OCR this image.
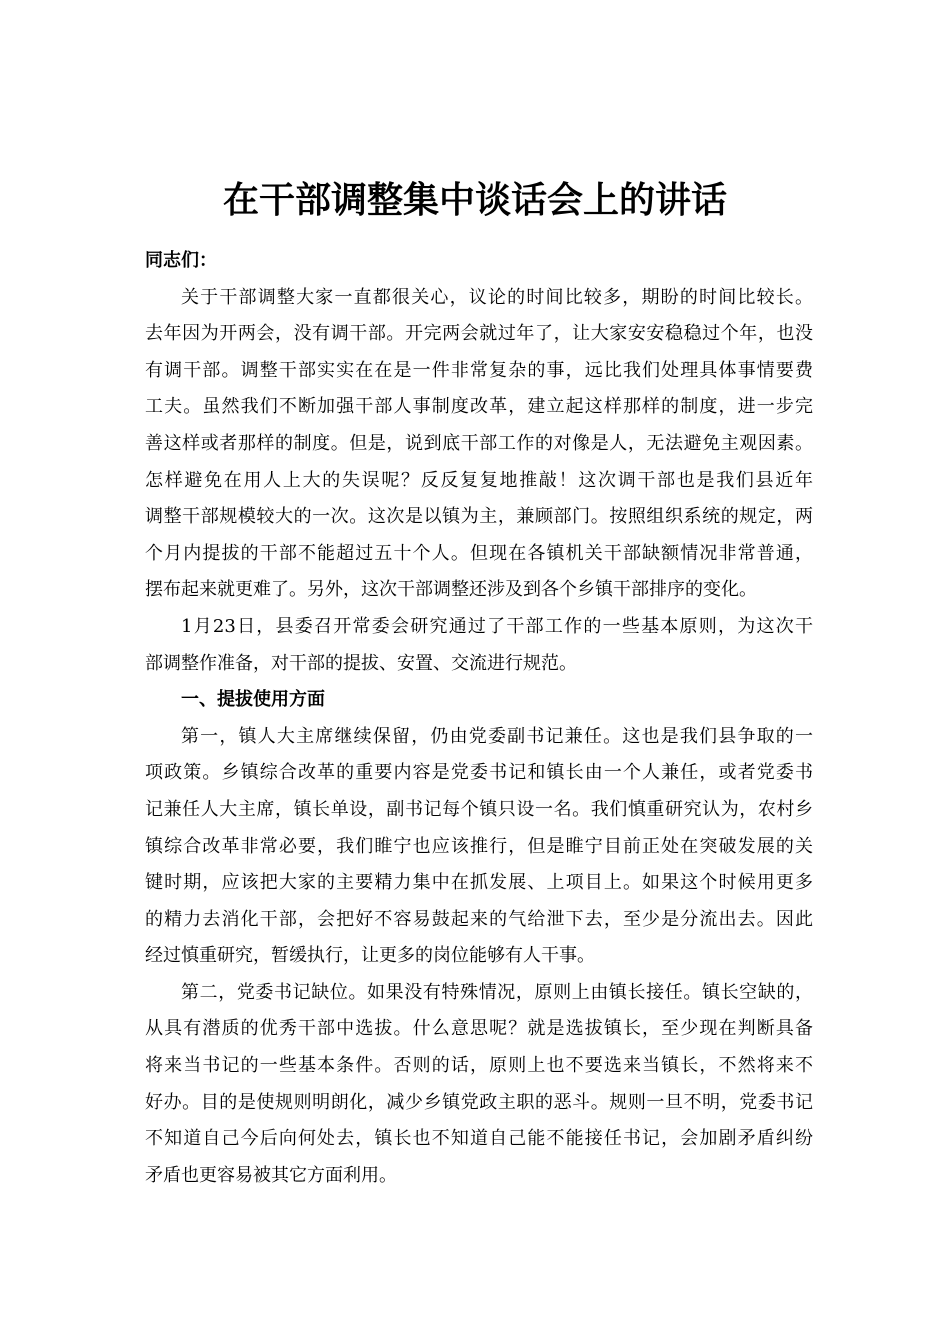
在干部调整集中谈话会上的讲话
同志们：
关于干部调整大家一直都很关心，议论的时间比较多，期盼的时间比较长。
去年因为开两会，没有调干部。开完两会就过年了，让大家安安稳稳过个年，也没
有调干部。调整干部实实在在是一件非常复杂的事，远比我们处理具体事情要费
工夫。虽然我们不断加强干部人事制度改革，建立起这样那样的制度，进一步完
善这样或者那样的制度。但是，说到底干部工作的对像是人，无法避免主观因素。
怎样避免在用人上大的失误呢？反反复复地推敲！这次调干部也是我们县近年
调整干部规模较大的一次。这次是以镇为主，兼顾部门。按照组织系统的规定，两
个月内提拔的干部不能超过五十个人。但现在各镇机关干部缺额情况非常普通，
摆布起来就更难了。另外，这次干部调整还涉及到各个乡镇干部排序的变化。
1月23日，县委召开常委会研究通过了干部工作的一些基本原则，为这次干
部调整作准备，对干部的提拔、安置、交流进行规范。
一、提拔使用方面
第一，镇人大主席继续保留，仍由党委副书记兼任。这也是我们县争取的一
项政策。乡镇综合改革的重要内容是党委书记和镇长由一个人兼任，或者党委书
记兼任人大主席，镇长单设，副书记每个镇只设一名。我们慎重研究认为，农村乡
镇综合改革非常必要，我们睢宁也应该推行，但是睢宁目前正处在突破发展的关
键时期，应该把大家的主要精力集中在抓发展、上项目上。如果这个时候用更多
的精力去消化干部，会把好不容易鼓起来的气给泄下去，至少是分流出去。因此
经过慎重研究，暂缓执行，让更多的岗位能够有人干事。
第二，党委书记缺位。如果没有特殊情况，原则上由镇长接任。镇长空缺的，
从具有潜质的优秀干部中选拔。什么意思呢？就是选拔镇长，至少现在判断具备
将来当书记的一些基本条件。否则的话，原则上也不要选来当镇长，不然将来不
好办。目的是使规则明朗化，减少乡镇党政主职的恶斗。规则一旦不明，党委书记
不知道自己今后向何处去，镇长也不知道自己能不能接任书记，会加剧矛盾纠纷
矛盾也更容易被其它方面利用。
